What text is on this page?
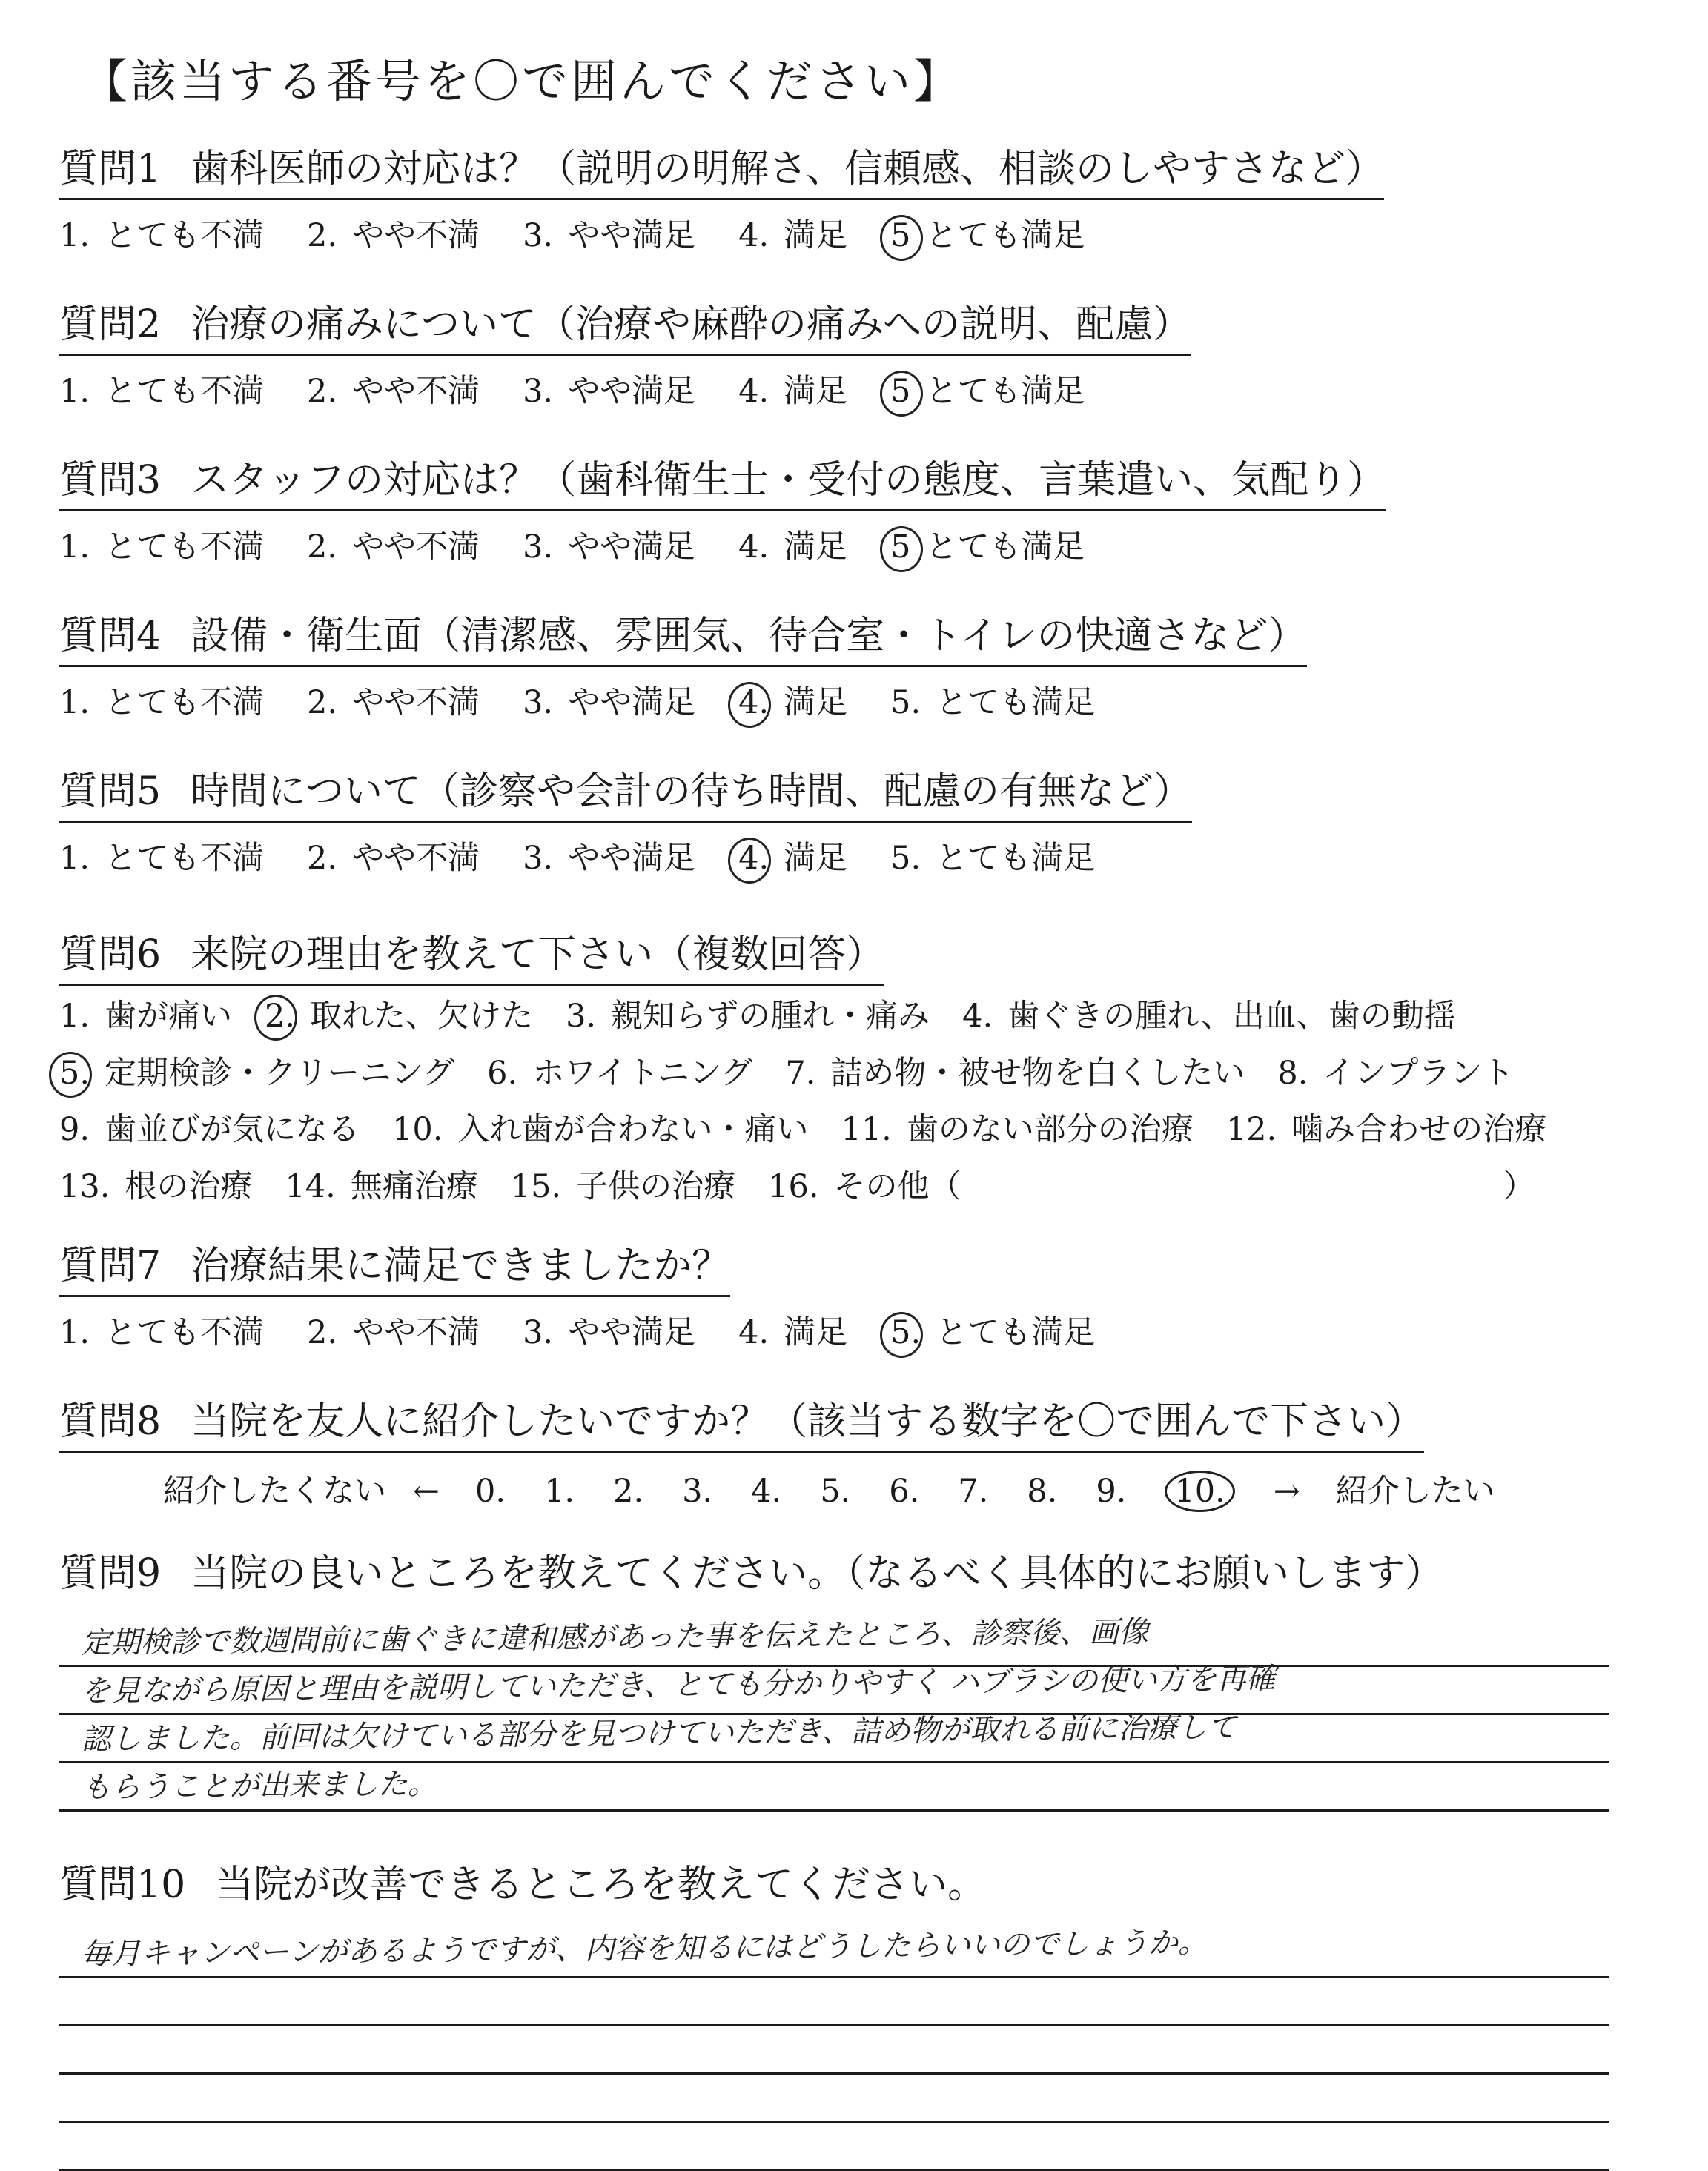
【該当する番号を〇で囲んでください】
質問1 歯科医師の対応は？（説明の明解さ、信頼感、相談のしやすさなど）
1. とても不満 2. やや不満 3. やや満足 4. 満足 5 とても満足
質問2 治療の痛みについて（治療や麻酔の痛みへの説明、配慮）
1. とても不満 2. やや不満 3. やや満足 4. 満足 5 とても満足
質問3 スタッフの対応は？（歯科衛生士・受付の態度、言葉遣い、気配り）
1. とても不満 2. やや不満 3. やや満足 4. 満足 5 とても満足
質問4 設備・衛生面（清潔感、雰囲気、待合室・トイレの快適さなど）
1. とても不満 2. やや不満 3. やや満足 4. 満足 5. とても満足
質問5 時間について（診察や会計の待ち時間、配慮の有無など）
1. とても不満 2. やや不満 3. やや満足 4. 満足 5. とても満足
質問6 来院の理由を教えて下さい（複数回答）
1. 歯が痛い 2. 取れた、欠けた 3. 親知らずの腫れ・痛み 4. 歯ぐきの腫れ、出血、歯の動揺
5. 定期検診・クリーニング 6. ホワイトニング 7. 詰め物・被せ物を白くしたい 8. インプラント
9. 歯並びが気になる 10. 入れ歯が合わない・痛い 11. 歯のない部分の治療 12. 噛み合わせの治療
13. 根の治療 14. 無痛治療 15. 子供の治療 16. その他（　　　　　　　　　　　　　　　　　）
質問7 治療結果に満足できましたか？
1. とても不満 2. やや不満 3. やや満足 4. 満足 5. とても満足
質問8 当院を友人に紹介したいですか？（該当する数字を〇で囲んで下さい）
紹介したくない ← 0. 1. 2. 3. 4. 5. 6. 7. 8. 9. 10. → 紹介したい
質問9 当院の良いところを教えてください。（なるべく具体的にお願いします）
定期検診で数週間前に歯ぐきに違和感があった事を伝えたところ、診察後、画像
を見ながら原因と理由を説明していただき、とても分かりやすく ハブラシの使い方を再確
認しました。前回は欠けている部分を見つけていただき、詰め物が取れる前に治療して
もらうことが出来ました。
質問10 当院が改善できるところを教えてください。
毎月キャンペーンがあるようですが、内容を知るにはどうしたらいいのでしょうか。
